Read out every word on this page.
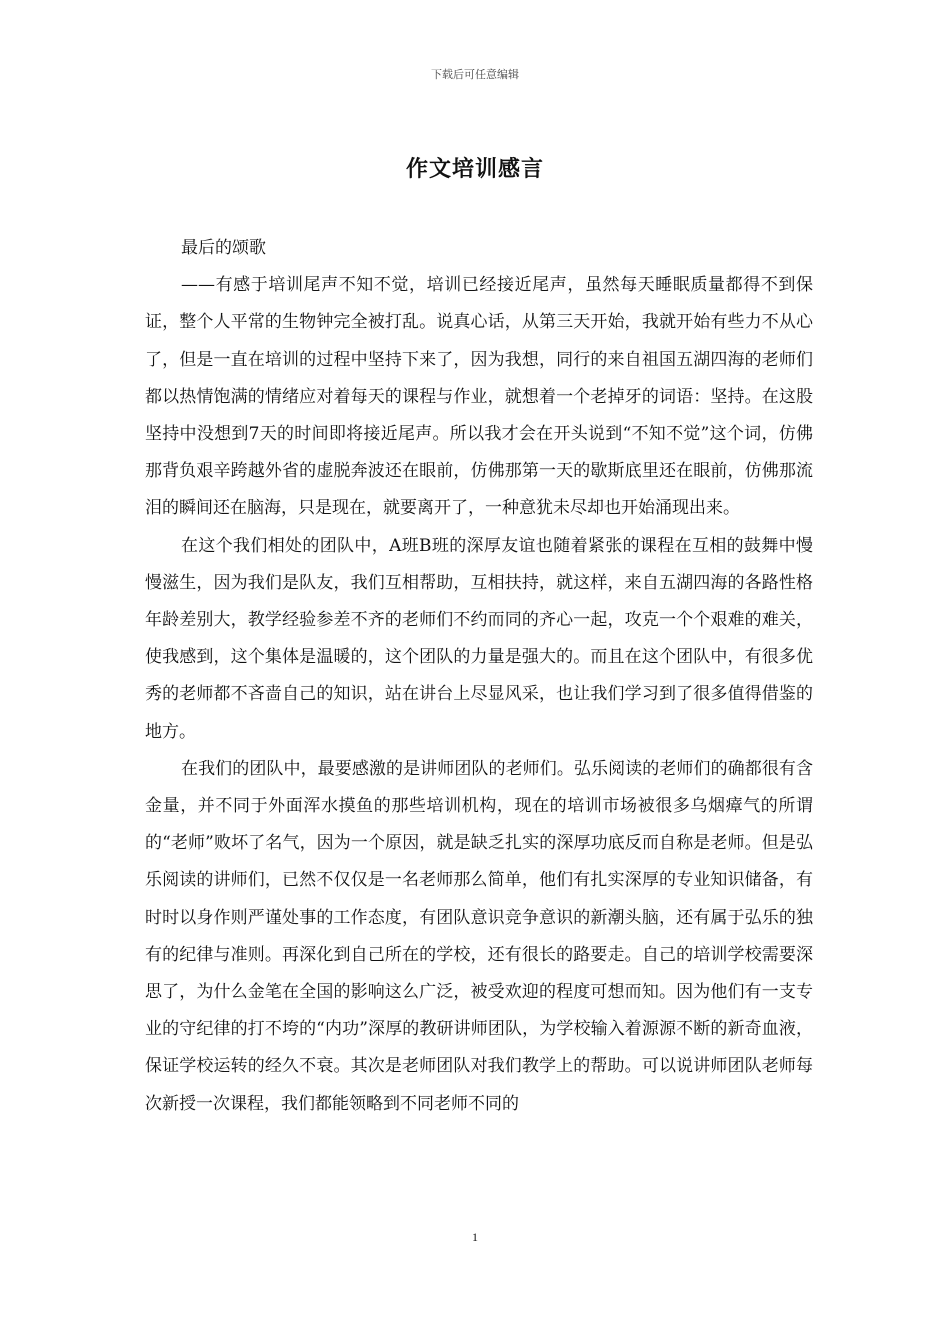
下载后可任意编辑
作文培训感言

最后的颂歌

——有感于培训尾声不知不觉，培训已经接近尾声，虽然每天睡眠质量都得不到保证，整个人平常的生物钟完全被打乱。说真心话，从第三天开始，我就开始有些力不从心了，但是一直在培训的过程中坚持下来了，因为我想，同行的来自祖国五湖四海的老师们都以热情饱满的情绪应对着每天的课程与作业，就想着一个老掉牙的词语：坚持。在这股坚持中没想到7天的时间即将接近尾声。所以我才会在开头说到“不知不觉”这个词，仿佛那背负艰辛跨越外省的虚脱奔波还在眼前，仿佛那第一天的歇斯底里还在眼前，仿佛那流泪的瞬间还在脑海，只是现在，就要离开了，一种意犹未尽却也开始涌现出来。

在这个我们相处的团队中，A班B班的深厚友谊也随着紧张的课程在互相的鼓舞中慢慢滋生，因为我们是队友，我们互相帮助，互相扶持，就这样，来自五湖四海的各路性格年龄差别大，教学经验参差不齐的老师们不约而同的齐心一起，攻克一个个艰难的难关，使我感到，这个集体是温暖的，这个团队的力量是强大的。而且在这个团队中，有很多优秀的老师都不吝啬自己的知识，站在讲台上尽显风采，也让我们学习到了很多值得借鉴的地方。

在我们的团队中，最要感激的是讲师团队的老师们。弘乐阅读的老师们的确都很有含金量，并不同于外面浑水摸鱼的那些培训机构，现在的培训市场被很多乌烟瘴气的所谓的“老师”败坏了名气，因为一个原因，就是缺乏扎实的深厚功底反而自称是老师。但是弘乐阅读的讲师们，已然不仅仅是一名老师那么简单，他们有扎实深厚的专业知识储备，有时时以身作则严谨处事的工作态度，有团队意识竞争意识的新潮头脑，还有属于弘乐的独有的纪律与准则。再深化到自己所在的学校，还有很长的路要走。自己的培训学校需要深思了，为什么金笔在全国的影响这么广泛，被受欢迎的程度可想而知。因为他们有一支专业的守纪律的打不垮的“内功”深厚的教研讲师团队，为学校输入着源源不断的新奇血液，保证学校运转的经久不衰。其次是老师团队对我们教学上的帮助。可以说讲师团队老师每次新授一次课程，我们都能领略到不同老师不同的

1
